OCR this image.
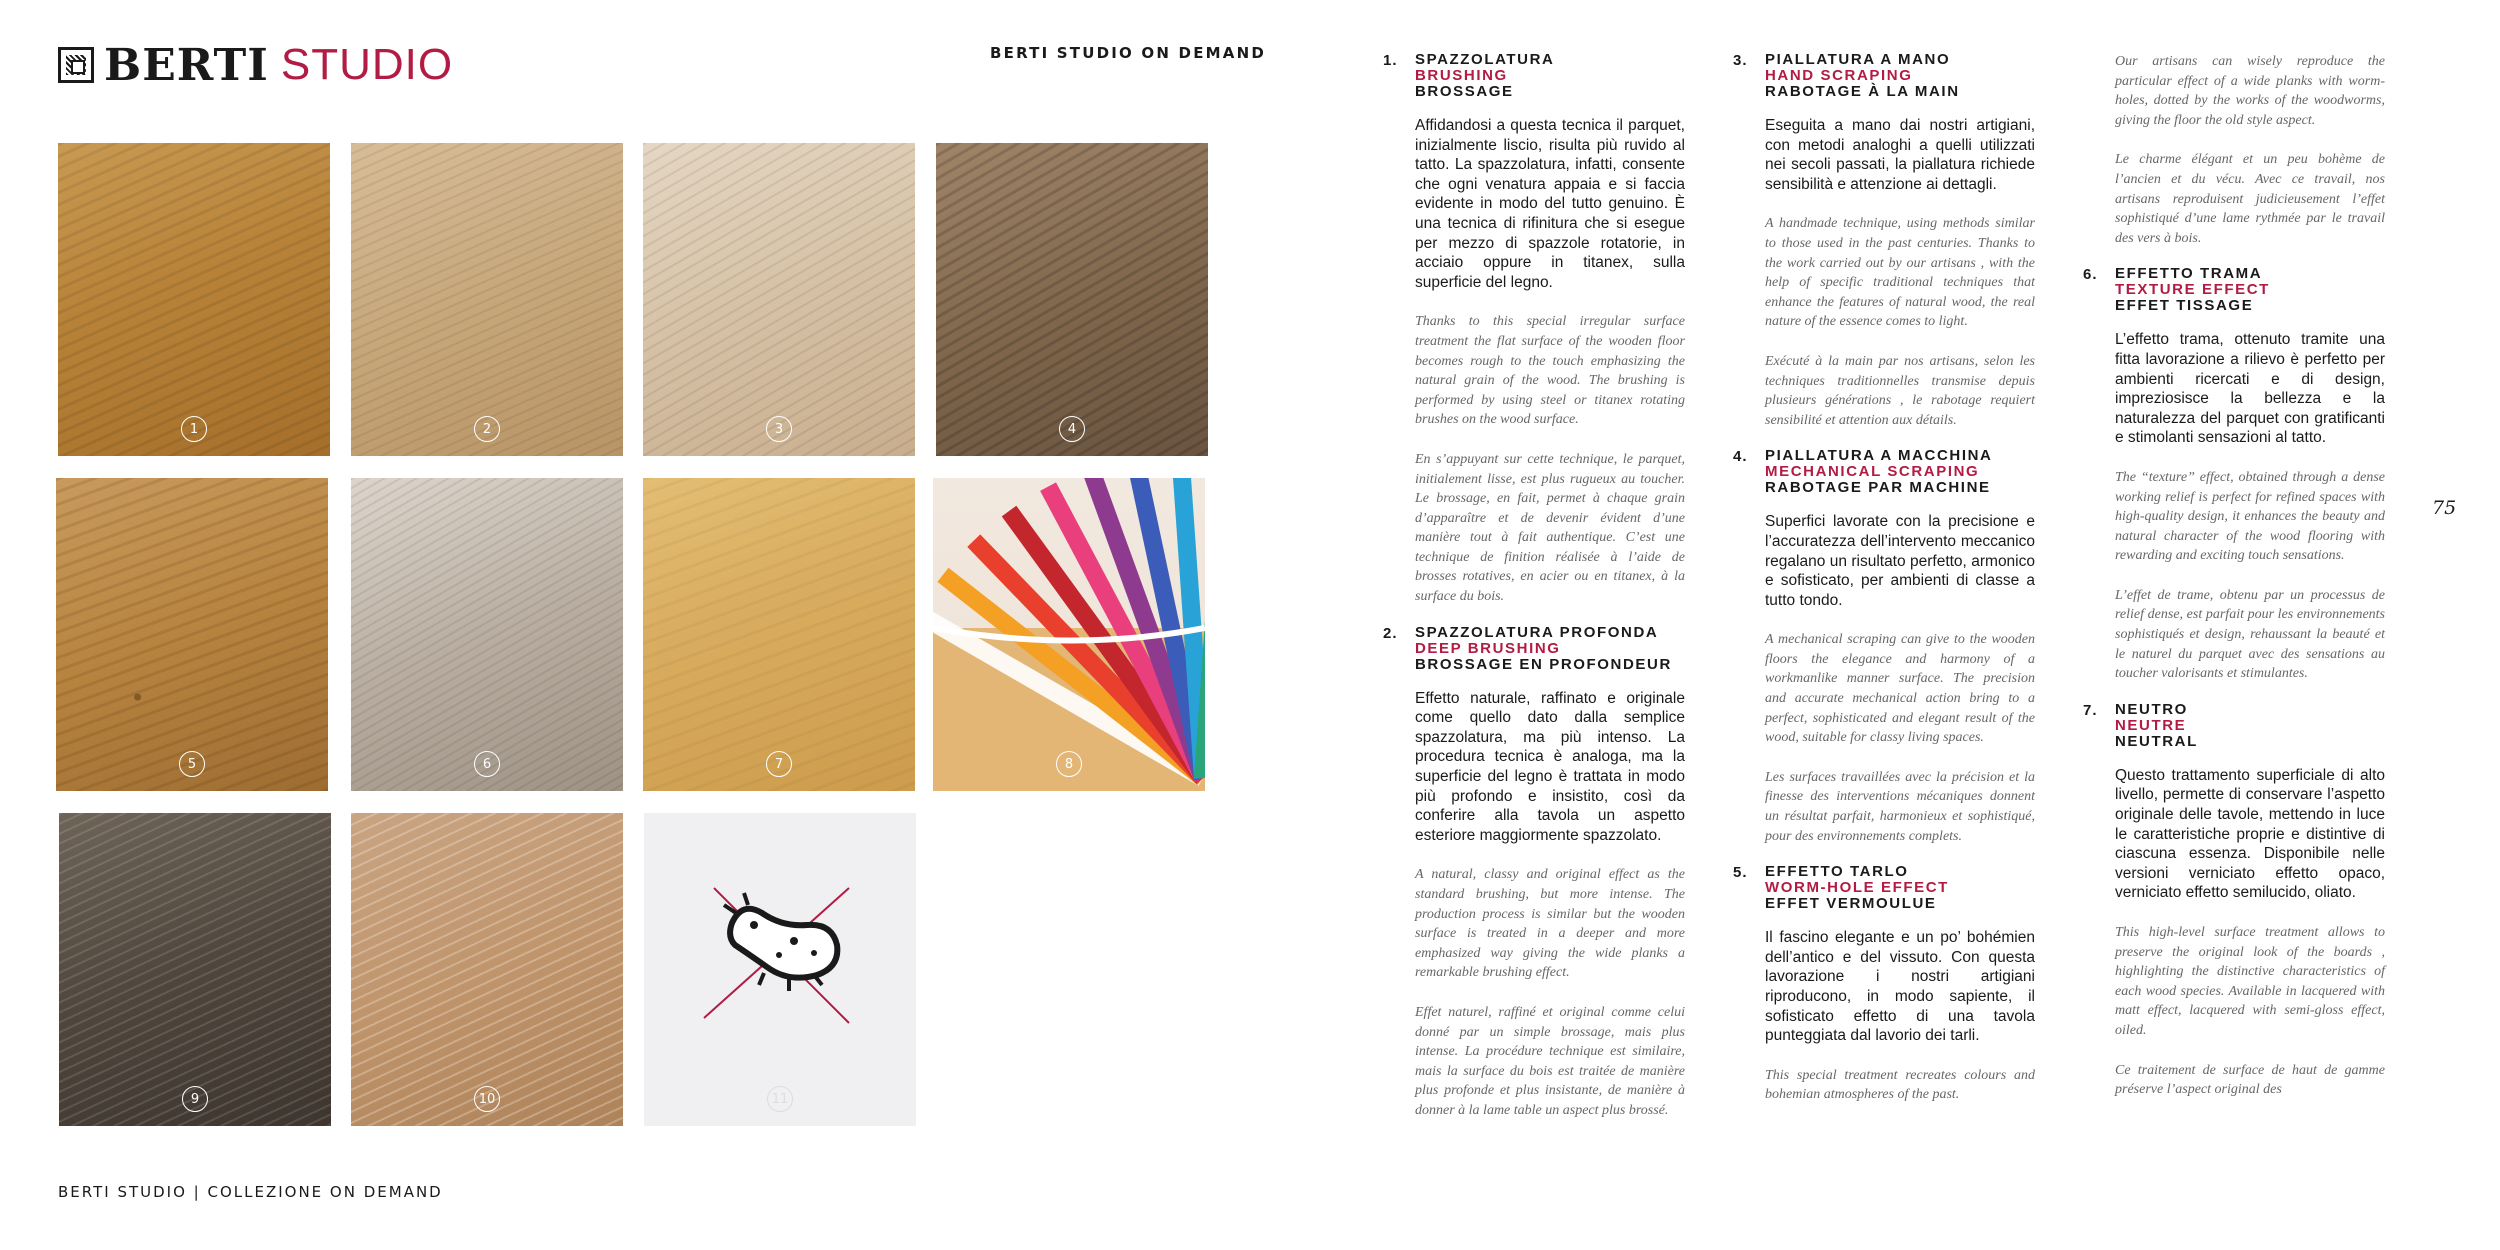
BERTI STUDIO	BERTI STUDIO ON DEMAND
BERTI STUDIO | COLLEZIONE ON DEMAND
75
1	2	3	4
5	6	7	8
9	10	11
1. SPAZZOLATURA
BRUSHING
BROSSAGE
Affidandosi a questa tecnica il parquet, inizialmente liscio, risulta più ruvido al tatto. La spazzolatura, infatti, consente che ogni venatura appaia e si faccia evidente in modo del tutto genuino. È una tecnica di rifinitura che si esegue per mezzo di spazzole rotatorie, in acciaio oppure in titanex, sulla superficie del legno.
Thanks to this special irregular surface treatment the flat surface of the wooden floor becomes rough to the touch emphasizing the natural grain of the wood. The brushing is performed by using steel or titanex rotating brushes on the wood surface.
En s’appuyant sur cette technique, le parquet, initialement lisse, est plus rugueux au toucher. Le brossage, en fait, permet à chaque grain d’apparaître et de devenir évident d’une manière tout à fait authentique. C’est une technique de finition réalisée à l’aide de brosses rotatives, en acier ou en titanex, à la surface du bois.
2. SPAZZOLATURA PROFONDA
DEEP BRUSHING
BROSSAGE EN PROFONDEUR
Effetto naturale, raffinato e originale come quello dato dalla semplice spazzolatura, ma più intenso. La procedura tecnica è analoga, ma la superficie del legno è trattata in modo più profondo e insistito, così da conferire alla tavola un aspetto esteriore maggiormente spazzolato.
A natural, classy and original effect as the standard brushing, but more intense. The production process is similar but the wooden surface is treated in a deeper and more emphasized way giving the wide planks a remarkable brushing effect.
Effet naturel, raffiné et original comme celui donné par un simple brossage, mais plus intense. La procédure technique est similaire, mais la surface du bois est traitée de manière plus profonde et plus insistante, de manière à donner à la lame table un aspect plus brossé.
3. PIALLATURA A MANO
HAND SCRAPING
RABOTAGE À LA MAIN
Eseguita a mano dai nostri artigiani, con metodi analoghi a quelli utilizzati nei secoli passati, la piallatura richiede sensibilità e attenzione ai dettagli.
A handmade technique, using methods similar to those used in the past centuries. Thanks to the work carried out by our artisans , with the help of specific traditional techniques that enhance the features of natural wood, the real nature of the essence comes to light.
Exécuté à la main par nos artisans, selon les techniques traditionnelles transmise depuis plusieurs générations , le rabotage requiert sensibilité et attention aux détails.
4. PIALLATURA A MACCHINA
MECHANICAL SCRAPING
RABOTAGE PAR MACHINE
Superfici lavorate con la precisione e l’accuratezza dell’intervento meccanico regalano un risultato perfetto, armonico e sofisticato, per ambienti di classe a tutto tondo.
A mechanical scraping can give to the wooden floors the elegance and harmony of a workmanlike manner surface. The precision and accurate mechanical action bring to a perfect, sophisticated and elegant result of the wood, suitable for classy living spaces.
Les surfaces travaillées avec la précision et la finesse des interventions mécaniques donnent un résultat parfait, harmonieux et sophistiqué, pour des environnements complets.
5. EFFETTO TARLO
WORM-HOLE EFFECT
EFFET VERMOULUE
Il fascino elegante e un po’ bohémien dell’antico e del vissuto. Con questa lavorazione i nostri artigiani riproducono, in modo sapiente, il sofisticato effetto di una tavola punteggiata dal lavorio dei tarli.
This special treatment recreates colours and bohemian atmospheres of the past.
Our artisans can wisely reproduce the particular effect of a wide planks with worm-holes, dotted by the works of the woodworms, giving the floor the old style aspect.
Le charme élégant et un peu bohème de l’ancien et du vécu. Avec ce travail, nos artisans reproduisent judicieusement l’effet sophistiqué d’une lame rythmée par le travail des vers à bois.
6. EFFETTO TRAMA
TEXTURE EFFECT
EFFET TISSAGE
L’effetto trama, ottenuto tramite una fitta lavorazione a rilievo è perfetto per ambienti ricercati e di design, impreziosisce la bellezza e la naturalezza del parquet con gratificanti e stimolanti sensazioni al tatto.
The “texture” effect, obtained through a dense working relief is perfect for refined spaces with high-quality design, it enhances the beauty and natural character of the wood flooring with rewarding and exciting touch sensations.
L’effet de trame, obtenu par un processus de relief dense, est parfait pour les environnements sophistiqués et design, rehaussant la beauté et le naturel du parquet avec des sensations au toucher valorisants et stimulantes.
7. NEUTRO
NEUTRE
NEUTRAL
Questo trattamento superficiale di alto livello, permette di conservare l’aspetto originale delle tavole, mettendo in luce le caratteristiche proprie e distintive di ciascuna essenza. Disponibile nelle versioni verniciato effetto opaco, verniciato effetto semilucido, oliato.
This high-level surface treatment allows to preserve the original look of the boards , highlighting the distinctive characteristics of each wood species. Available in lacquered with matt effect, lacquered with semi-gloss effect, oiled.
Ce traitement de surface de haut de gamme préserve l’aspect original des
